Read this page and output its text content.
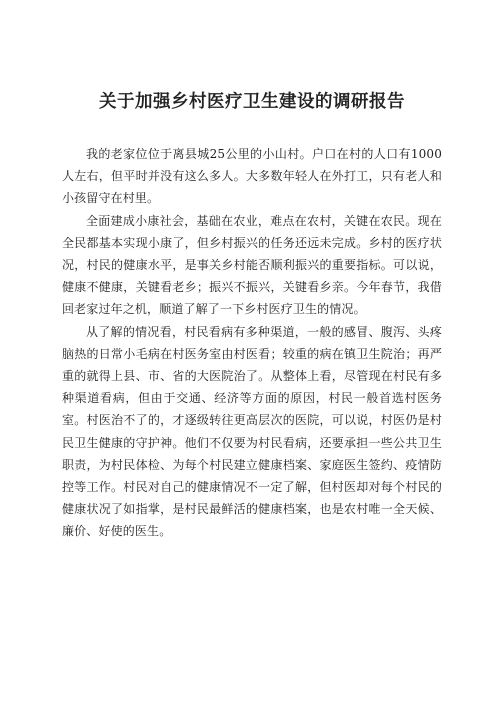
关于加强乡村医疗卫生建设的调研报告

我的老家位位于离县城25公里的小山村。户口在村的人口有1000人左右，但平时并没有这么多人。大多数年轻人在外打工，只有老人和小孩留守在村里。

全面建成小康社会，基础在农业，难点在农村，关键在农民。现在全民都基本实现小康了，但乡村振兴的任务还远未完成。乡村的医疗状况，村民的健康水平，是事关乡村能否顺利振兴的重要指标。可以说，健康不健康，关键看老乡；振兴不振兴，关键看乡亲。今年春节，我借回老家过年之机，顺道了解了一下乡村医疗卫生的情况。

从了解的情况看，村民看病有多种渠道，一般的感冒、腹泻、头疼脑热的日常小毛病在村医务室由村医看；较重的病在镇卫生院治；再严重的就得上县、市、省的大医院治了。从整体上看，尽管现在村民有多种渠道看病，但由于交通、经济等方面的原因，村民一般首选村医务室。村医治不了的，才逐级转往更高层次的医院，可以说，村医仍是村民卫生健康的守护神。他们不仅要为村民看病，还要承担一些公共卫生职责，为村民体检、为每个村民建立健康档案、家庭医生签约、疫情防控等工作。村民对自己的健康情况不一定了解，但村医却对每个村民的健康状况了如指掌，是村民最鲜活的健康档案，也是农村唯一全天候、廉价、好使的医生。
